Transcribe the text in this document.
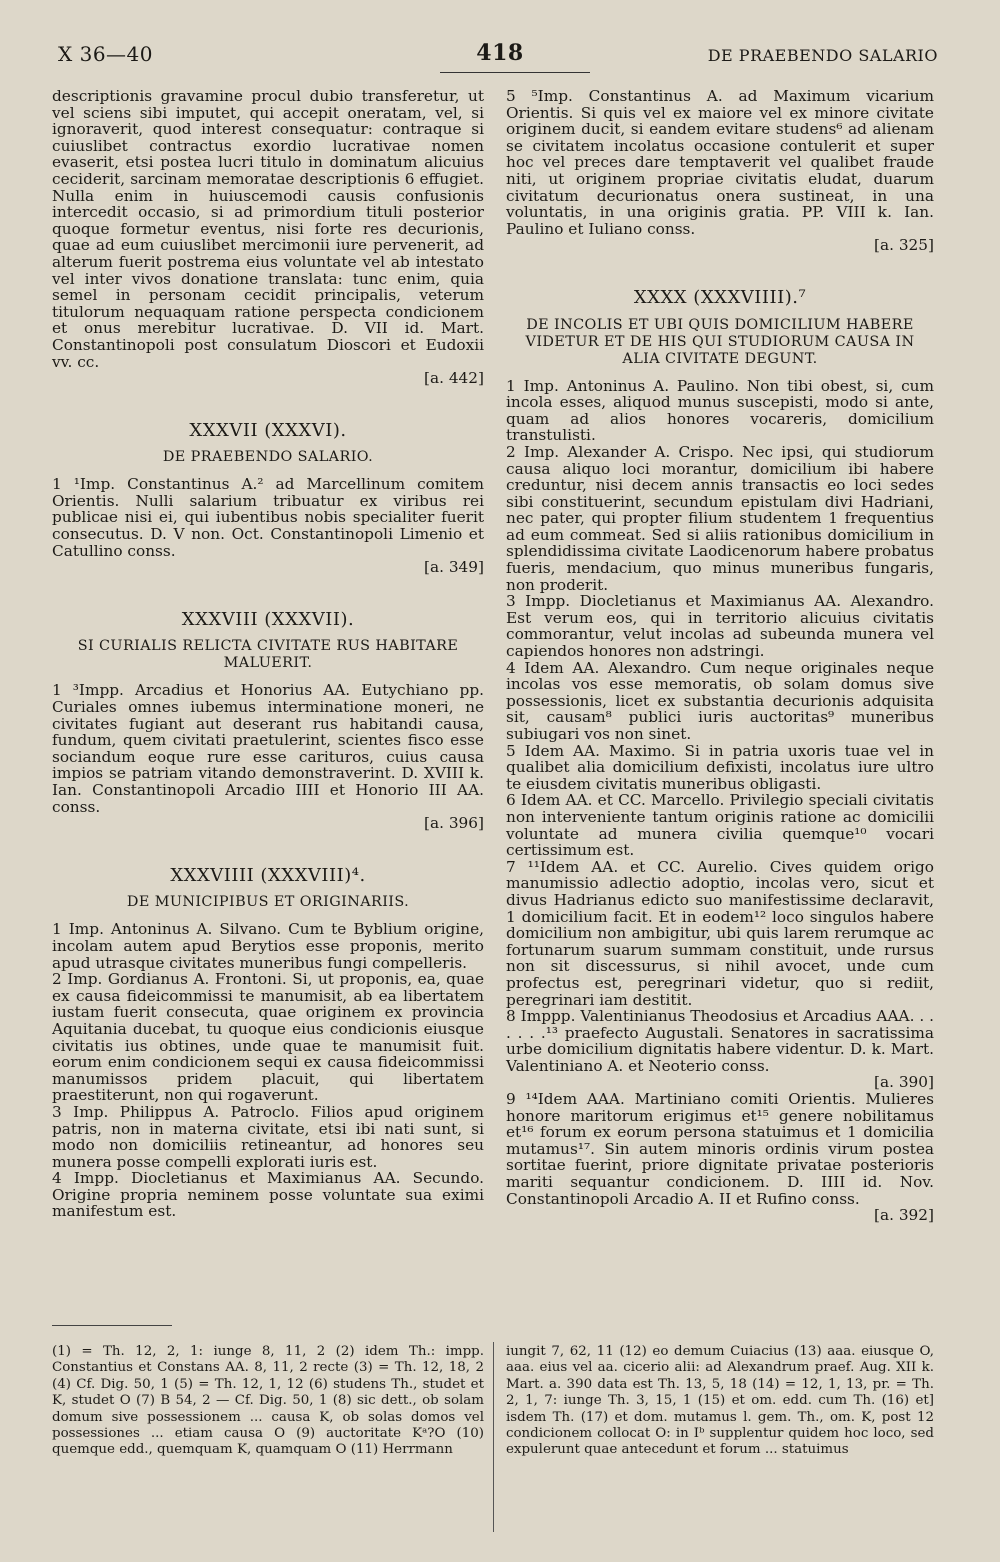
X 36—40	418	DE PRAEBENDO SALARIO

descriptionis gravamine procul dubio transferetur, ut vel sciens sibi imputet, qui accepit oneratam, vel, si ignoraverit, quod interest consequatur: contraque si cuiuslibet contractus exordio lucrativae nomen evaserit, etsi postea lucri titulo in dominatum alicuius ceciderit, sarcinam memoratae descriptionis 6 effugiet. Nulla enim in huiuscemodi causis confusionis intercedit occasio, si ad primordium tituli posterior quoque formetur eventus, nisi forte res decurionis, quae ad eum cuiuslibet mercimonii iure pervenerit, ad alterum fuerit postrema eius voluntate vel ab intestato vel inter vivos donatione translata: tunc enim, quia semel in personam cecidit principalis, veterum titulorum nequaquam ratione perspecta condicionem et onus merebitur lucrativae. D. VII id. Mart. Constantinopoli post consulatum Dioscori et Eudoxii vv. cc.

[a. 442]

XXXVII (XXXVI).
DE PRAEBENDO SALARIO.

1 ¹Imp. Constantinus A.² ad Marcellinum comitem Orientis. Nulli salarium tribuatur ex viribus rei publicae nisi ei, qui iubentibus nobis specialiter fuerit consecutus. D. V non. Oct. Constantinopoli Limenio et Catullino conss.

[a. 349]

XXXVIII (XXXVII).
SI CURIALIS RELICTA CIVITATE RUS HABITARE MALUERIT.

1 ³Impp. Arcadius et Honorius AA. Eutychiano pp. Curiales omnes iubemus interminatione moneri, ne civitates fugiant aut deserant rus habitandi causa, fundum, quem civitati praetulerint, scientes fisco esse sociandum eoque rure esse carituros, cuius causa impios se patriam vitando demonstraverint. D. XVIII k. Ian. Constantinopoli Arcadio IIII et Honorio III AA. conss.

[a. 396]

XXXVIIII (XXXVIII)⁴.
DE MUNICIPIBUS ET ORIGINARIIS.

1 Imp. Antoninus A. Silvano. Cum te Byblium origine, incolam autem apud Berytios esse proponis, merito apud utrasque civitates muneribus fungi compelleris.

2 Imp. Gordianus A. Frontoni. Si, ut proponis, ea, quae ex causa fideicommissi te manumisit, ab ea libertatem iustam fuerit consecuta, quae originem ex provincia Aquitania ducebat, tu quoque eius condicionis eiusque civitatis ius obtines, unde quae te manumisit fuit. eorum enim condicionem sequi ex causa fideicommissi manumissos pridem placuit, qui libertatem praestiterunt, non qui rogaverunt.

3 Imp. Philippus A. Patroclo. Filios apud originem patris, non in materna civitate, etsi ibi nati sunt, si modo non domiciliis retineantur, ad honores seu munera posse compelli explorati iuris est.

4 Impp. Diocletianus et Maximianus AA. Secundo. Origine propria neminem posse voluntate sua eximi manifestum est.

5 ⁵Imp. Constantinus A. ad Maximum vicarium Orientis. Si quis vel ex maiore vel ex minore civitate originem ducit, si eandem evitare studens⁶ ad alienam se civitatem incolatus occasione contulerit et super hoc vel preces dare temptaverit vel qualibet fraude niti, ut originem propriae civitatis eludat, duarum civitatum decurionatus onera sustineat, in una voluntatis, in una originis gratia. PP. VIII k. Ian. Paulino et Iuliano conss.

[a. 325]

XXXX (XXXVIIII).⁷
DE INCOLIS ET UBI QUIS DOMICILIUM HABERE VIDETUR ET DE HIS QUI STUDIORUM CAUSA IN ALIA CIVITATE DEGUNT.

1 Imp. Antoninus A. Paulino. Non tibi obest, si, cum incola esses, aliquod munus suscepisti, modo si ante, quam ad alios honores vocareris, domicilium transtulisti.

2 Imp. Alexander A. Crispo. Nec ipsi, qui studiorum causa aliquo loci morantur, domicilium ibi habere creduntur, nisi decem annis transactis eo loci sedes sibi constituerint, secundum epistulam divi Hadriani, nec pater, qui propter filium studentem 1 frequentius ad eum commeat. Sed si aliis rationibus domicilium in splendidissima civitate Laodicenorum habere probatus fueris, mendacium, quo minus muneribus fungaris, non proderit.

3 Impp. Diocletianus et Maximianus AA. Alexandro. Est verum eos, qui in territorio alicuius civitatis commorantur, velut incolas ad subeunda munera vel capiendos honores non adstringi.

4 Idem AA. Alexandro. Cum neque originales neque incolas vos esse memoratis, ob solam domus sive possessionis, licet ex substantia decurionis adquisita sit, causam⁸ publici iuris auctoritas⁹ muneribus subiugari vos non sinet.

5 Idem AA. Maximo. Si in patria uxoris tuae vel in qualibet alia domicilium defixisti, incolatus iure ultro te eiusdem civitatis muneribus obligasti.

6 Idem AA. et CC. Marcello. Privilegio speciali civitatis non interveniente tantum originis ratione ac domicilii voluntate ad munera civilia quemque¹⁰ vocari certissimum est.

7 ¹¹Idem AA. et CC. Aurelio. Cives quidem origo manumissio adlectio adoptio, incolas vero, sicut et divus Hadrianus edicto suo manifestissime declaravit, 1 domicilium facit. Et in eodem¹² loco singulos habere domicilium non ambigitur, ubi quis larem rerumque ac fortunarum suarum summam constituit, unde rursus non sit discessurus, si nihil avocet, unde cum profectus est, peregrinari videtur, quo si rediit, peregrinari iam destitit.

8 Imppp. Valentinianus Theodosius et Arcadius AAA. . . . . . .¹³ praefecto Augustali. Senatores in sacratissima urbe domicilium dignitatis habere videntur. D. k. Mart. Valentiniano A. et Neoterio conss.

[a. 390]

9 ¹⁴Idem AAA. Martiniano comiti Orientis. Mulieres honore maritorum erigimus et¹⁵ genere nobilitamus et¹⁶ forum ex eorum persona statuimus et 1 domicilia mutamus¹⁷. Sin autem minoris ordinis virum postea sortitae fuerint, priore dignitate privatae posterioris mariti sequantur condicionem. D. IIII id. Nov. Constantinopoli Arcadio A. II et Rufino conss.

[a. 392]

(1) = Th. 12, 2, 1: iunge 8, 11, 2 (2) idem Th.: impp. Constantius et Constans AA. 8, 11, 2 recte (3) = Th. 12, 18, 2 (4) Cf. Dig. 50, 1 (5) = Th. 12, 1, 12 (6) studens Th., studet et K, studet O (7) B 54, 2 — Cf. Dig. 50, 1 (8) sic dett., ob solam domum sive possessionem ... causa K, ob solas domos vel possessiones ... etiam causa O (9) auctoritate Kᵃ?O (10) quemque edd., quemquam K, quamquam O (11) Herrmann
iungit 7, 62, 11 (12) eo demum Cuiacius (13) aaa. eiusque O, aaa. eius vel aa. cicerio alii: ad Alexandrum praef. Aug. XII k. Mart. a. 390 data est Th. 13, 5, 18 (14) = 12, 1, 13, pr. = Th. 2, 1, 7: iunge Th. 3, 15, 1 (15) et om. edd. cum Th. (16) et] isdem Th. (17) et dom. mutamus l. gem. Th., om. K, post 12 condicionem collocat O: in Iᵇ supplentur quidem hoc loco, sed expulerunt quae antecedunt et forum ... statuimus
